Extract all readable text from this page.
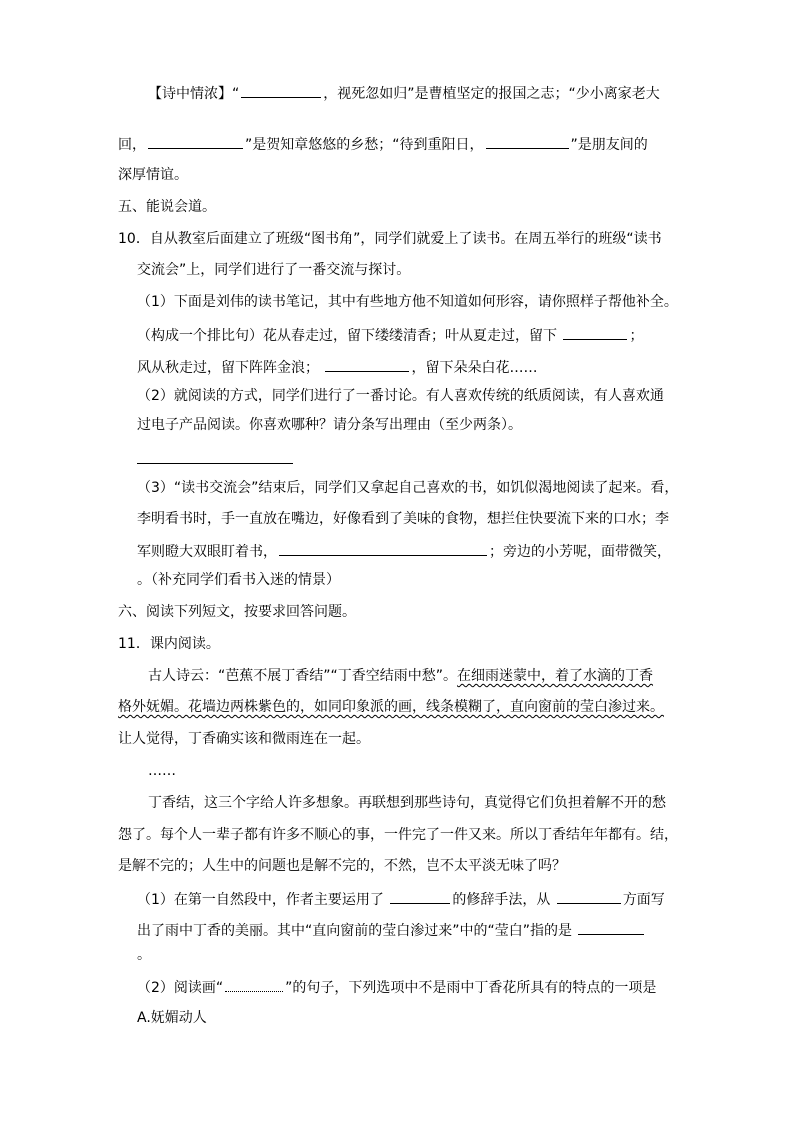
【诗中情浓】“	，视死忽如归”是曹植坚定的报国之志；“少小离家老大
回，	”是贺知章悠悠的乡愁；“待到重阳日，	”是朋友间的
深厚情谊。
五、能说会道。
10．自从教室后面建立了班级“图书角”，同学们就爱上了读书。在周五举行的班级“读书
交流会”上，同学们进行了一番交流与探讨。
（1）下面是刘伟的读书笔记，其中有些地方他不知道如何形容，请你照样子帮他补全。
（构成一个排比句）花从春走过，留下缕缕清香；叶从夏走过，留下	；
风从秋走过，留下阵阵金浪；	，留下朵朵白花……
（2）就阅读的方式，同学们进行了一番讨论。有人喜欢传统的纸质阅读，有人喜欢通
过电子产品阅读。你喜欢哪种？请分条写出理由（至少两条）。
（3）“读书交流会”结束后，同学们又拿起自己喜欢的书，如饥似渴地阅读了起来。看，
李明看书时，手一直放在嘴边，好像看到了美味的食物，想拦住快要流下来的口水；李
军则瞪大双眼盯着书，	；旁边的小芳呢，面带微笑，
。（补充同学们看书入迷的情景）
六、阅读下列短文，按要求回答问题。
11．课内阅读。
古人诗云：“芭蕉不展丁香结”“丁香空结雨中愁”。在细雨迷蒙中，着了水滴的丁香
格外妩媚。花墙边两株紫色的，如同印象派的画，线条模糊了，直向窗前的莹白渗过来。
让人觉得，丁香确实该和微雨连在一起。
……
丁香结，这三个字给人许多想象。再联想到那些诗句，真觉得它们负担着解不开的愁
怨了。每个人一辈子都有许多不顺心的事，一件完了一件又来。所以丁香结年年都有。结，
是解不完的；人生中的问题也是解不完的，不然，岂不太平淡无味了吗？
（1）在第一自然段中，作者主要运用了	的修辞手法，从	方面写
出了雨中丁香的美丽。其中“直向窗前的莹白渗过来”中的“莹白”指的是
。
（2）阅读画“	”的句子，下列选项中不是雨中丁香花所具有的特点的一项是
A.妩媚动人
